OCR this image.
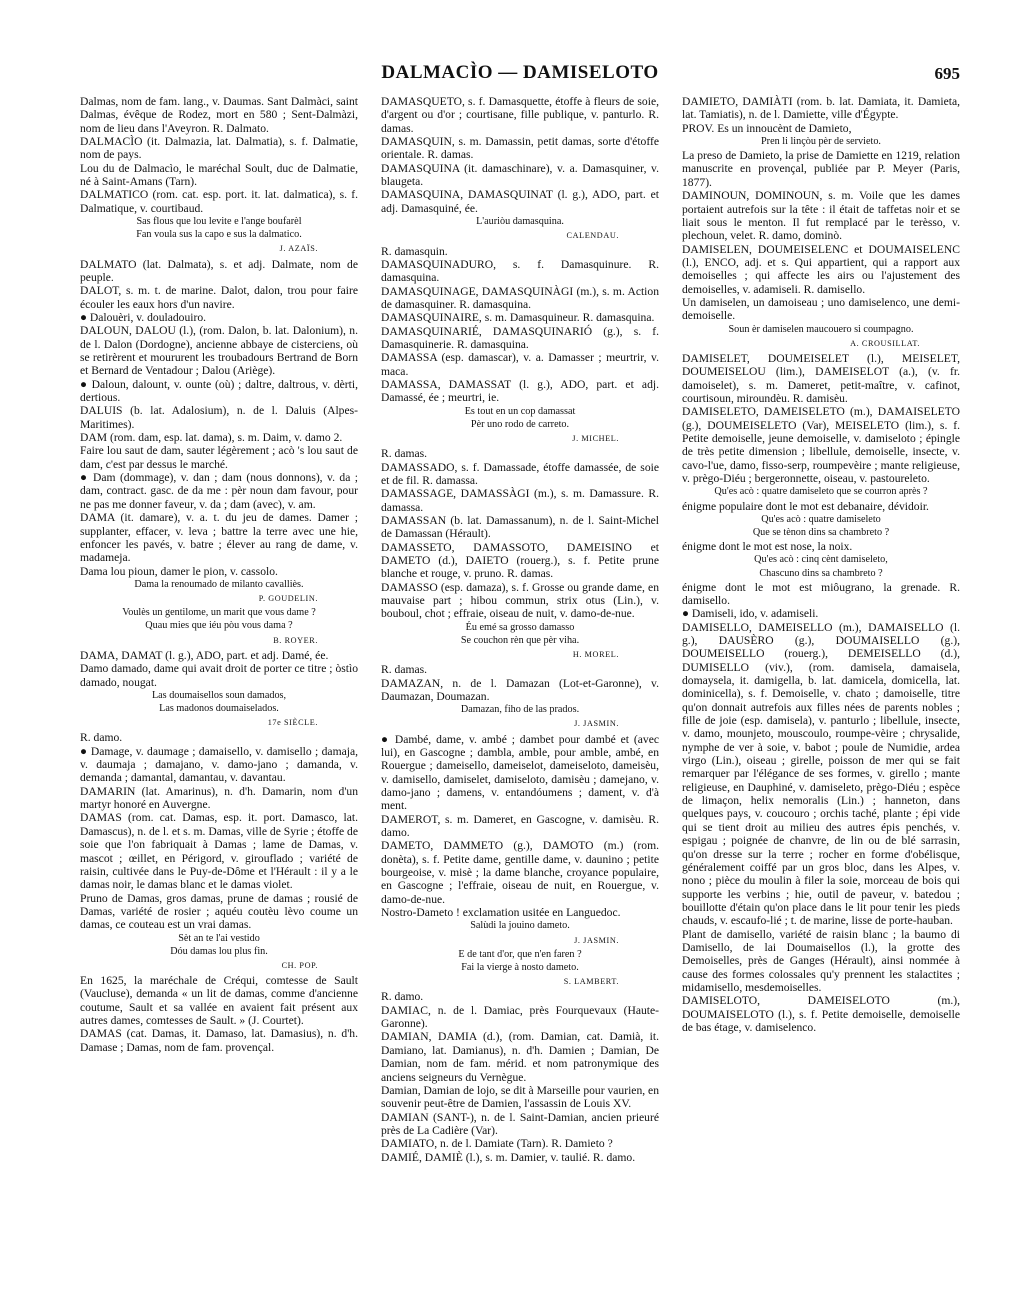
DALMACÌO — DAMISELOTO	695
Dalmas, nom de fam. lang., v. Daumas. Sant Dalmàci, saint Dalmas, évêque de Rodez, mort en 580 ; Sent-Dalmàzi, nom de lieu dans l'Aveyron. R. Dalmato.
DALMACÌO (it. Dalmazia, lat. Dalmatia), s. f. Dalmatie, nom de pays.
Lou du de Dalmacìo, le maréchal Soult, duc de Dalmatie, né à Saint-Amans (Tarn).
DALMATICO (rom. cat. esp. port. it. lat. dalmatica), s. f. Dalmatique, v. courtibaud.
Sas flous que lou levite e l'ange boufarèl
Fan voula sus la capo e sus la dalmatico.
J. AZAÏS.
DALMATO (lat. Dalmata), s. et adj. Dalmate, nom de peuple.
DALOT, s. m. t. de marine. Dalot, dalon, trou pour faire écouler les eaux hors d'un navire.
● Dalouèri, v. douladouiro.
DALOUN, DALOU (l.), (rom. Dalon, b. lat. Dalonium), n. de l. Dalon (Dordogne), ancienne abbaye de cisterciens, où se retirèrent et moururent les troubadours Bertrand de Born et Bernard de Ventadour ; Dalou (Ariège).
● Daloun, dalount, v. ounte (où) ; daltre, daltrous, v. dèrti, dertious.
DALUIS (b. lat. Adalosium), n. de l. Daluis (Alpes-Maritimes).
DAM (rom. dam, esp. lat. dama), s. m. Daim, v. damo 2.
Faire lou saut de dam, sauter légèrement ; acò 's lou saut de dam, c'est par dessus le marché.
● Dam (dommage), v. dan ; dam (nous donnons), v. da ; dam, contract. gasc. de da me : pèr noun dam favour, pour ne pas me donner faveur, v. da ; dam (avec), v. am.
DAMA (it. damare), v. a. t. du jeu de dames. Damer ; supplanter, effacer, v. leva ; battre la terre avec une hie, enfoncer les pavés, v. batre ; élever au rang de dame, v. madameja.
Dama lou pioun, damer le pion, v. cassolo.
Dama la renoumado de milanto cavalliès.
P. GOUDELIN.
Voulès un gentilome, un marit que vous dame ?
Quau mies que iéu pòu vous dama ?
B. ROYER.
DAMA, DAMAT (l. g.), ADO, part. et adj. Damé, ée.
Damo damado, dame qui avait droit de porter ce titre ; òstìo damado, nougat.
Las doumaisellos soun damados,
Las madonos doumaiselados.
17e SIÈCLE.
R. damo.
● Damage, v. daumage ; damaisello, v. damisello ; damaja, v. daumaja ; damajano, v. damo-jano ; damanda, v. demanda ; damantal, damantau, v. davantau.
DAMARIN (lat. Amarinus), n. d'h. Damarin, nom d'un martyr honoré en Auvergne.
DAMAS (rom. cat. Damas, esp. it. port. Damasco, lat. Damascus), n. de l. et s. m. Damas, ville de Syrie ; étoffe de soie que l'on fabriquait à Damas ; lame de Damas, v. mascot ; œillet, en Périgord, v. girouflado ; variété de raisin, cultivée dans le Puy-de-Dôme et l'Hérault : il y a le damas noir, le damas blanc et le damas violet.
Pruno de Damas, gros damas, prune de damas ; rousié de Damas, variété de rosier ; aquéu coutèu lèvo coume un damas, ce couteau est un vrai damas.
Sèt an te l'ai vestido
Dóu damas lou plus fin.
CH. POP.
En 1625, la maréchale de Créqui, comtesse de Sault (Vaucluse), demanda « un lit de damas, comme d'ancienne coutume, Sault et sa vallée en avaient fait présent aux autres dames, comtesses de Sault. » (J. Courtet).
DAMAS (cat. Damas, it. Damaso, lat. Damasius), n. d'h. Damase ; Damas, nom de fam. provençal.
DAMASQUETO, s. f. Damasquette, étoffe à fleurs de soie, d'argent ou d'or ; courtisane, fille publique, v. panturlo. R. damas.
DAMASQUIN, s. m. Damassin, petit damas, sorte d'étoffe orientale. R. damas.
DAMASQUINA (it. damaschinare), v. a. Damasquiner, v. blaugeta.
DAMASQUINA, DAMASQUINAT (l. g.), ADO, part. et adj. Damasquiné, ée.
L'auriòu damasquina.
CALENDAU.
R. damasquin.
DAMASQUINADURO, s. f. Damasquinure. R. damasquina.
DAMASQUINAGE, DAMASQUINÀGI (m.), s. m. Action de damasquiner. R. damasquina.
DAMASQUINAIRE, s. m. Damasquineur. R. damasquina.
DAMASQUINARIÉ, DAMASQUINARIÓ (g.), s. f. Damasquinerie. R. damasquina.
DAMASSA (esp. damascar), v. a. Damasser ; meurtrir, v. maca.
DAMASSA, DAMASSAT (l. g.), ADO, part. et adj. Damassé, ée ; meurtri, ie.
Es tout en un cop damassat
Pèr uno rodo de carreto.
J. MICHEL.
R. damas.
DAMASSADO, s. f. Damassade, étoffe damassée, de soie et de fil. R. damassa.
DAMASSAGE, DAMASSÀGI (m.), s. m. Damassure. R. damassa.
DAMASSAN (b. lat. Damassanum), n. de l. Saint-Michel de Damassan (Hérault).
DAMASSETO, DAMASSOTO, DAMEISINO et DAMETO (d.), DAIETO (rouerg.), s. f. Petite prune blanche et rouge, v. pruno. R. damas.
DAMASSO (esp. damaza), s. f. Grosse ou grande dame, en mauvaise part ; hibou commun, strix otus (Lin.), v. bouboul, chot ; effraie, oiseau de nuit, v. damo-de-nue.
Éu emé sa grosso damasso
Se couchon rèn que pèr viha.
H. MOREL.
R. damas.
DAMAZAN, n. de l. Damazan (Lot-et-Garonne), v. Daumazan, Doumazan.
Damazan, fiho de las prados.
J. JASMIN.
● Dambé, dame, v. ambé ; dambet pour dambé et (avec lui), en Gascogne ; dambla, amble, pour amble, ambé, en Rouergue ; dameisello, dameiselot, dameiseloto, dameisèu, v. damisello, damiselet, damiseloto, damisèu ; damejano, v. damo-jano ; damens, v. entandóumens ; dament, v. d'à ment.
DAMEROT, s. m. Dameret, en Gascogne, v. damisèu. R. damo.
DAMETO, DAMMETO (g.), DAMOTO (m.) (rom. donèta), s. f. Petite dame, gentille dame, v. daunino ; petite bourgeoise, v. misè ; la dame blanche, croyance populaire, en Gascogne ; l'effraie, oiseau de nuit, en Rouergue, v. damo-de-nue.
Nostro-Dameto ! exclamation usitée en Languedoc.
Salùdi la jouino dameto.
J. JASMIN.
E de tant d'or, que n'en faren ?
Fai la vierge à nosto dameto.
S. LAMBERT.
R. damo.
DAMIAC, n. de l. Damiac, près Fourquevaux (Haute-Garonne).
DAMIAN, DAMIA (d.), (rom. Damian, cat. Damià, it. Damiano, lat. Damianus), n. d'h. Damien ; Damian, De Damian, nom de fam. mérid. et nom patronymique des anciens seigneurs du Vernègue.
Damian, Damian de lojo, se dit à Marseille pour vaurien, en souvenir peut-être de Damien, l'assassin de Louis XV.
DAMIAN (SANT-), n. de l. Saint-Damian, ancien prieuré près de La Cadière (Var).
DAMIATO, n. de l. Damiate (Tarn). R. Damieto ?
DAMIÉ, DAMIÈ (l.), s. m. Damier, v. taulié. R. damo.
DAMIETO, DAMIÀTI (rom. b. lat. Damiata, it. Damieta, lat. Tamiatis), n. de l. Damiette, ville d'Égypte.
PROV. Es un innoucènt de Damieto,
Pren li linçòu pèr de servieto.
La preso de Damieto, la prise de Damiette en 1219, relation manuscrite en provençal, publiée par P. Meyer (Paris, 1877).
DAMINOUN, DOMINOUN, s. m. Voile que les dames portaient autrefois sur la tête : il était de taffetas noir et se liait sous le menton. Il fut remplacé par le terèsso, v. plechoun, velet. R. damo, dominò.
DAMISELEN, DOUMEISELENC et DOUMAISELENC (l.), ENCO, adj. et s. Qui appartient, qui a rapport aux demoiselles ; qui affecte les airs ou l'ajustement des demoiselles, v. adamiseli. R. damisello.
Un damiselen, un damoiseau ; uno damiselenco, une demi-demoiselle.
Soun èr damiselen maucouero si coumpagno.
A. CROUSILLAT.
DAMISELET, DOUMEISELET (l.), MEISELET, DOUMEISELOU (lim.), DAMEISELOT (a.), (v. fr. damoiselet), s. m. Dameret, petit-maître, v. cafinot, courtisoun, miroundèu. R. damisèu.
DAMISELETO, DAMEISELETO (m.), DAMAISELETO (g.), DOUMEISELETO (Var), MEISELETO (lim.), s. f. Petite demoiselle, jeune demoiselle, v. damiseloto ; épingle de très petite dimension ; libellule, demoiselle, insecte, v. cavo-l'ue, damo, fisso-serp, roumpevèire ; mante religieuse, v. prègo-Diéu ; bergeronnette, oiseau, v. pastoureleto.
Qu'es acò : quatre damiseleto que se courron après ?
énigme populaire dont le mot est debanaire, dévidoir.
Qu'es acò : quatre damiseleto
Que se tènon dins sa chambreto ?
énigme dont le mot est nose, la noix.
Qu'es acò : cinq cènt damiseleto,
Chascuno dins sa chambreto ?
énigme dont le mot est miôugrano, la grenade. R. damisello.
● Damiseli, ido, v. adamiseli.
DAMISELLO, DAMEISELLO (m.), DAMAISELLO (l. g.), DAUSÈRO (g.), DOUMAISELLO (g.), DOUMEISELLO (rouerg.), DEMEISELLO (d.), DUMISELLO (viv.), (rom. damisela, damaisela, domaysela, it. damigella, b. lat. damicela, domicella, lat. dominicella), s. f. Demoiselle, v. chato ; damoiselle, titre qu'on donnait autrefois aux filles nées de parents nobles ; fille de joie (esp. damisela), v. panturlo ; libellule, insecte, v. damo, mounjeto, mouscoulo, roumpe-vèire ; chrysalide, nymphe de ver à soie, v. babot ; poule de Numidie, ardea virgo (Lin.), oiseau ; girelle, poisson de mer qui se fait remarquer par l'élégance de ses formes, v. girello ; mante religieuse, en Dauphiné, v. damiseleto, prègo-Diéu ; espèce de limaçon, helix nemoralis (Lin.) ; hanneton, dans quelques pays, v. coucouro ; orchis taché, plante ; épi vide qui se tient droit au milieu des autres épis penchés, v. espigau ; poignée de chanvre, de lin ou de blé sarrasin, qu'on dresse sur la terre ; rocher en forme d'obélisque, généralement coiffé par un gros bloc, dans les Alpes, v. nono ; pièce du moulin à filer la soie, morceau de bois qui supporte les verbins ; hie, outil de paveur, v. batedou ; bouillotte d'étain qu'on place dans le lit pour tenir les pieds chauds, v. escaufo-lié ; t. de marine, lisse de porte-hauban.
Plant de damisello, variété de raisin blanc ; la baumo di Damisello, de lai Doumaisellos (l.), la grotte des Demoiselles, près de Ganges (Hérault), ainsi nommée à cause des formes colossales qu'y prennent les stalactites ; midamisello, mesdemoiselles.
DAMISELOTO, DAMEISELOTO (m.), DOUMAISELOTO (l.), s. f. Petite demoiselle, demoiselle de bas étage, v. damiselenco.
